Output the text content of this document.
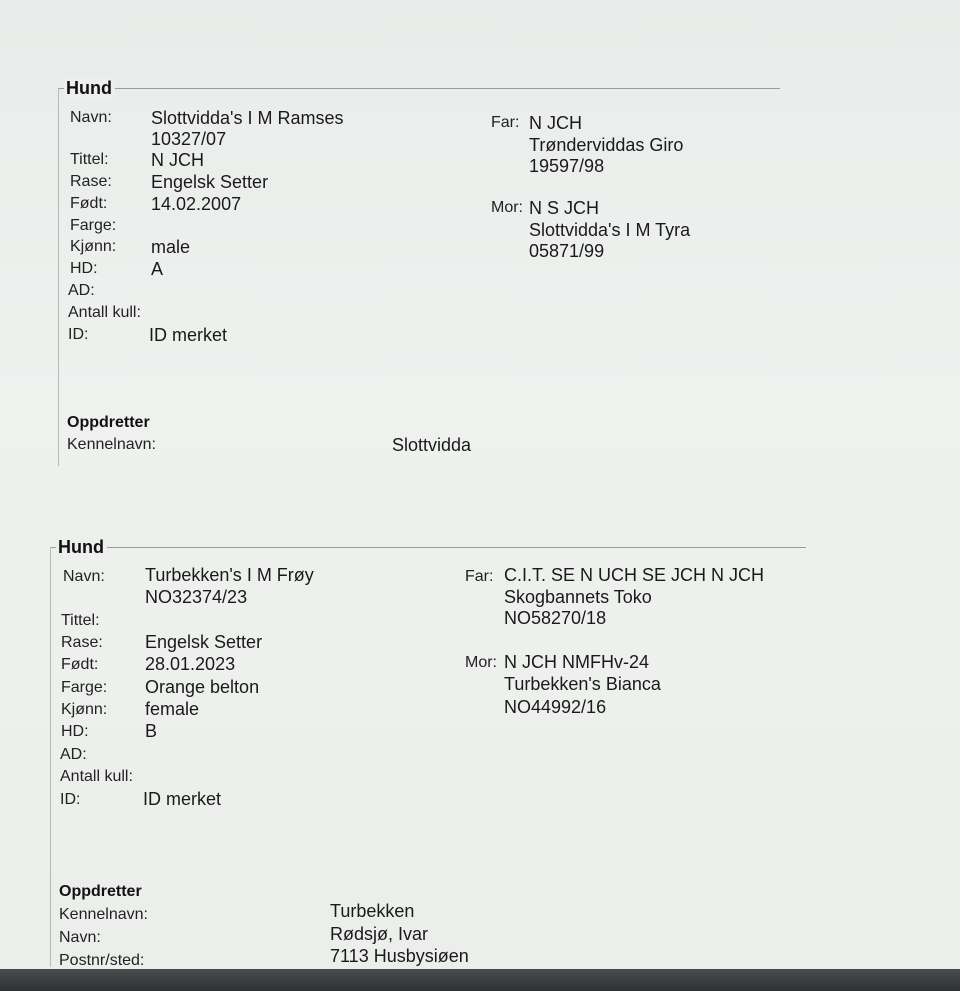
Hund
Navn: Slottvidda's I M Ramses
10327/07
Tittel: N JCH
Rase: Engelsk Setter
Født: 14.02.2007
Farge:
Kjønn: male
HD:	A
AD:
Antall kull:
ID:	ID merket
Far: N JCH
Trønderviddas Giro
19597/98
Mor: N S JCH
Slottvidda's I M Tyra
05871/99
Oppdretter
Kennelnavn:	Slottvidda
Hund
Navn: Turbekken's I M Frøy
NO32374/23
Tittel:
Rase: Engelsk Setter
Født:	28.01.2023
Farge: Orange belton
Kjønn: female
HD:	B
AD:
Antall kull:
ID:	ID merket
Far: C.I.T. SE N UCH SE JCH N JCH
Skogbannets Toko
NO58270/18
Mor: N JCH NMFHv-24
Turbekken's Bianca
NO44992/16
Oppdretter
Kennelnavn:	Turbekken
Navn:	Rødsjø, Ivar
Postnr/sted:	7113 Husbysiøen
